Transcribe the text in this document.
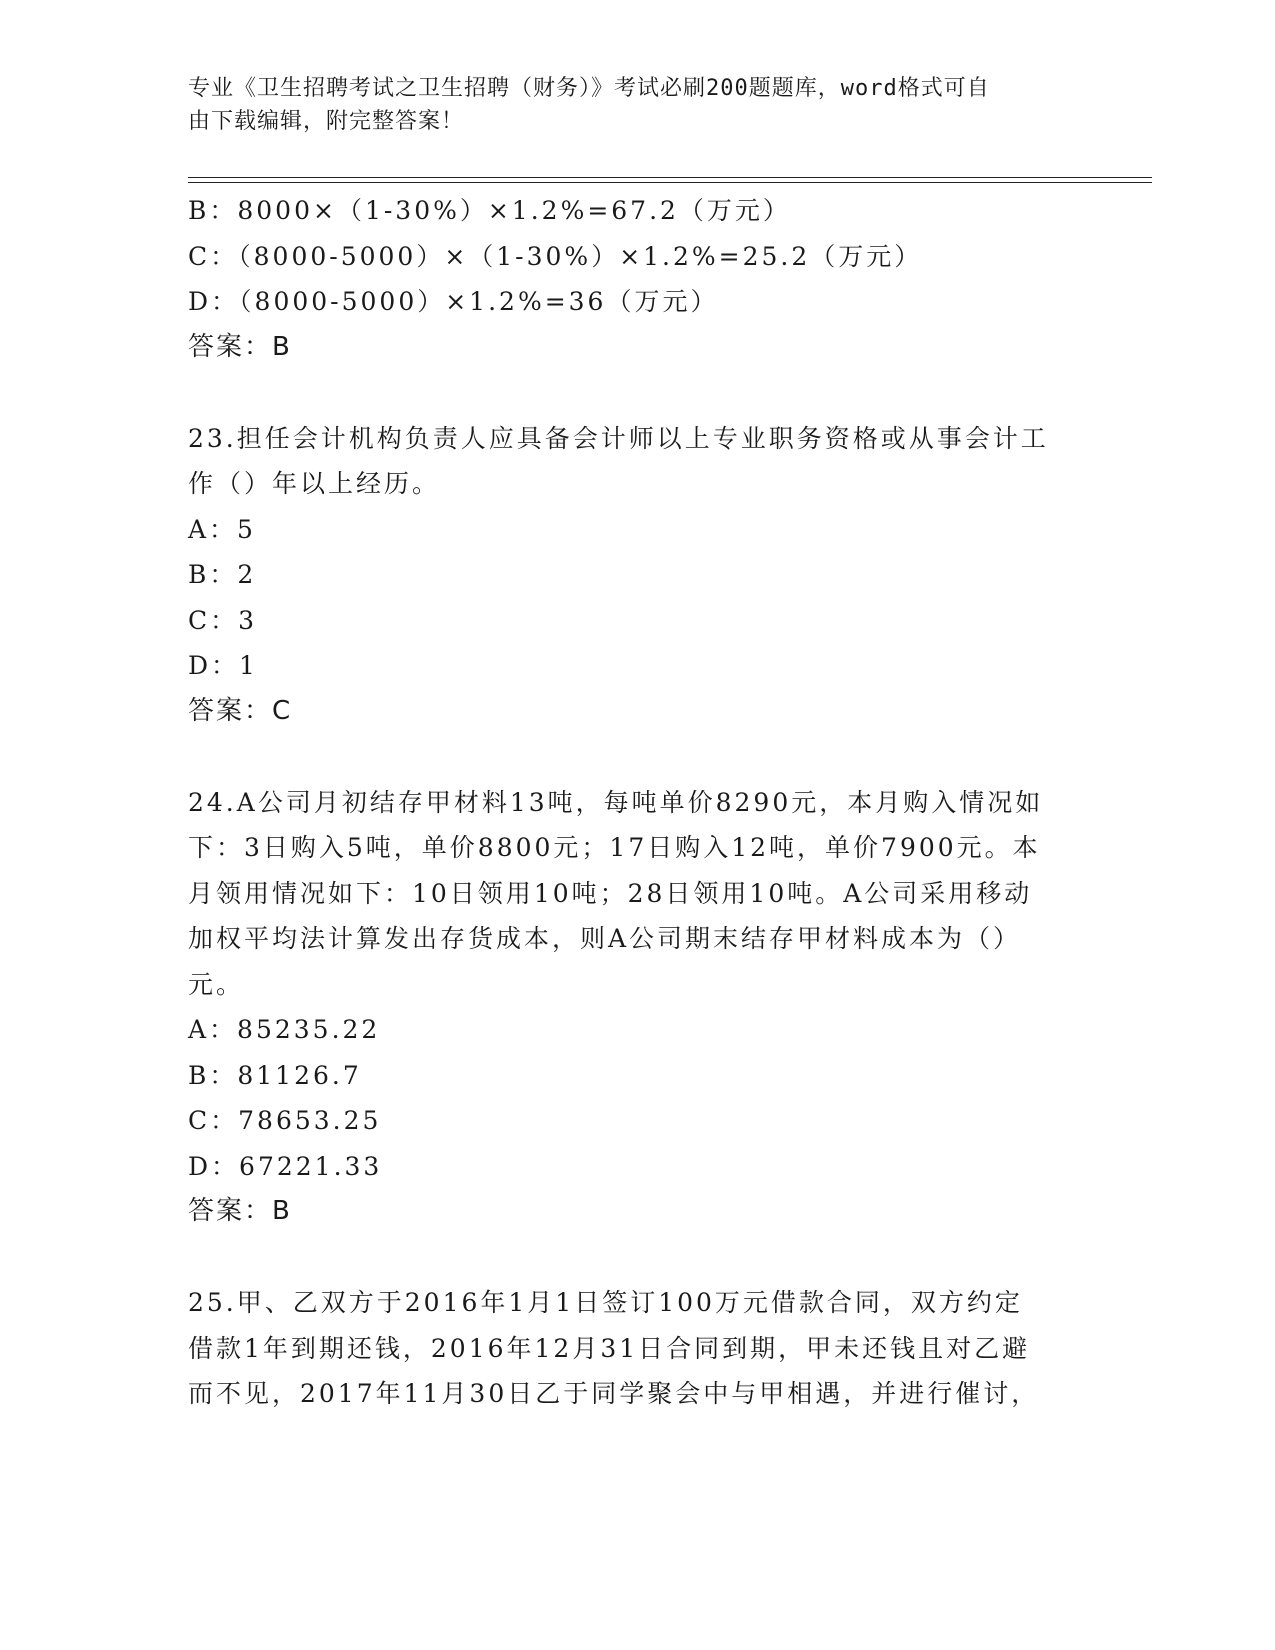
专业《卫生招聘考试之卫生招聘（财务）》考试必刷200题题库，word格式可自
由下载编辑，附完整答案！

B：8000×（1-30%）×1.2%=67.2（万元）

C：（8000-5000）×（1-30%）×1.2%=25.2（万元）

D：（8000-5000）×1.2%=36（万元）

答案：B

23.担任会计机构负责人应具备会计师以上专业职务资格或从事会计工

作（）年以上经历。

A：5

B：2

C：3

D：1

答案：C

24.A公司月初结存甲材料13吨，每吨单价8290元，本月购入情况如

下：3日购入5吨，单价8800元；17日购入12吨，单价7900元。本

月领用情况如下：10日领用10吨；28日领用10吨。A公司采用移动

加权平均法计算发出存货成本，则A公司期末结存甲材料成本为（）

元。

A：85235.22

B：81126.7

C：78653.25

D：67221.33

答案：B

25.甲、乙双方于2016年1月1日签订100万元借款合同，双方约定

借款1年到期还钱，2016年12月31日合同到期，甲未还钱且对乙避

而不见，2017年11月30日乙于同学聚会中与甲相遇，并进行催讨，
